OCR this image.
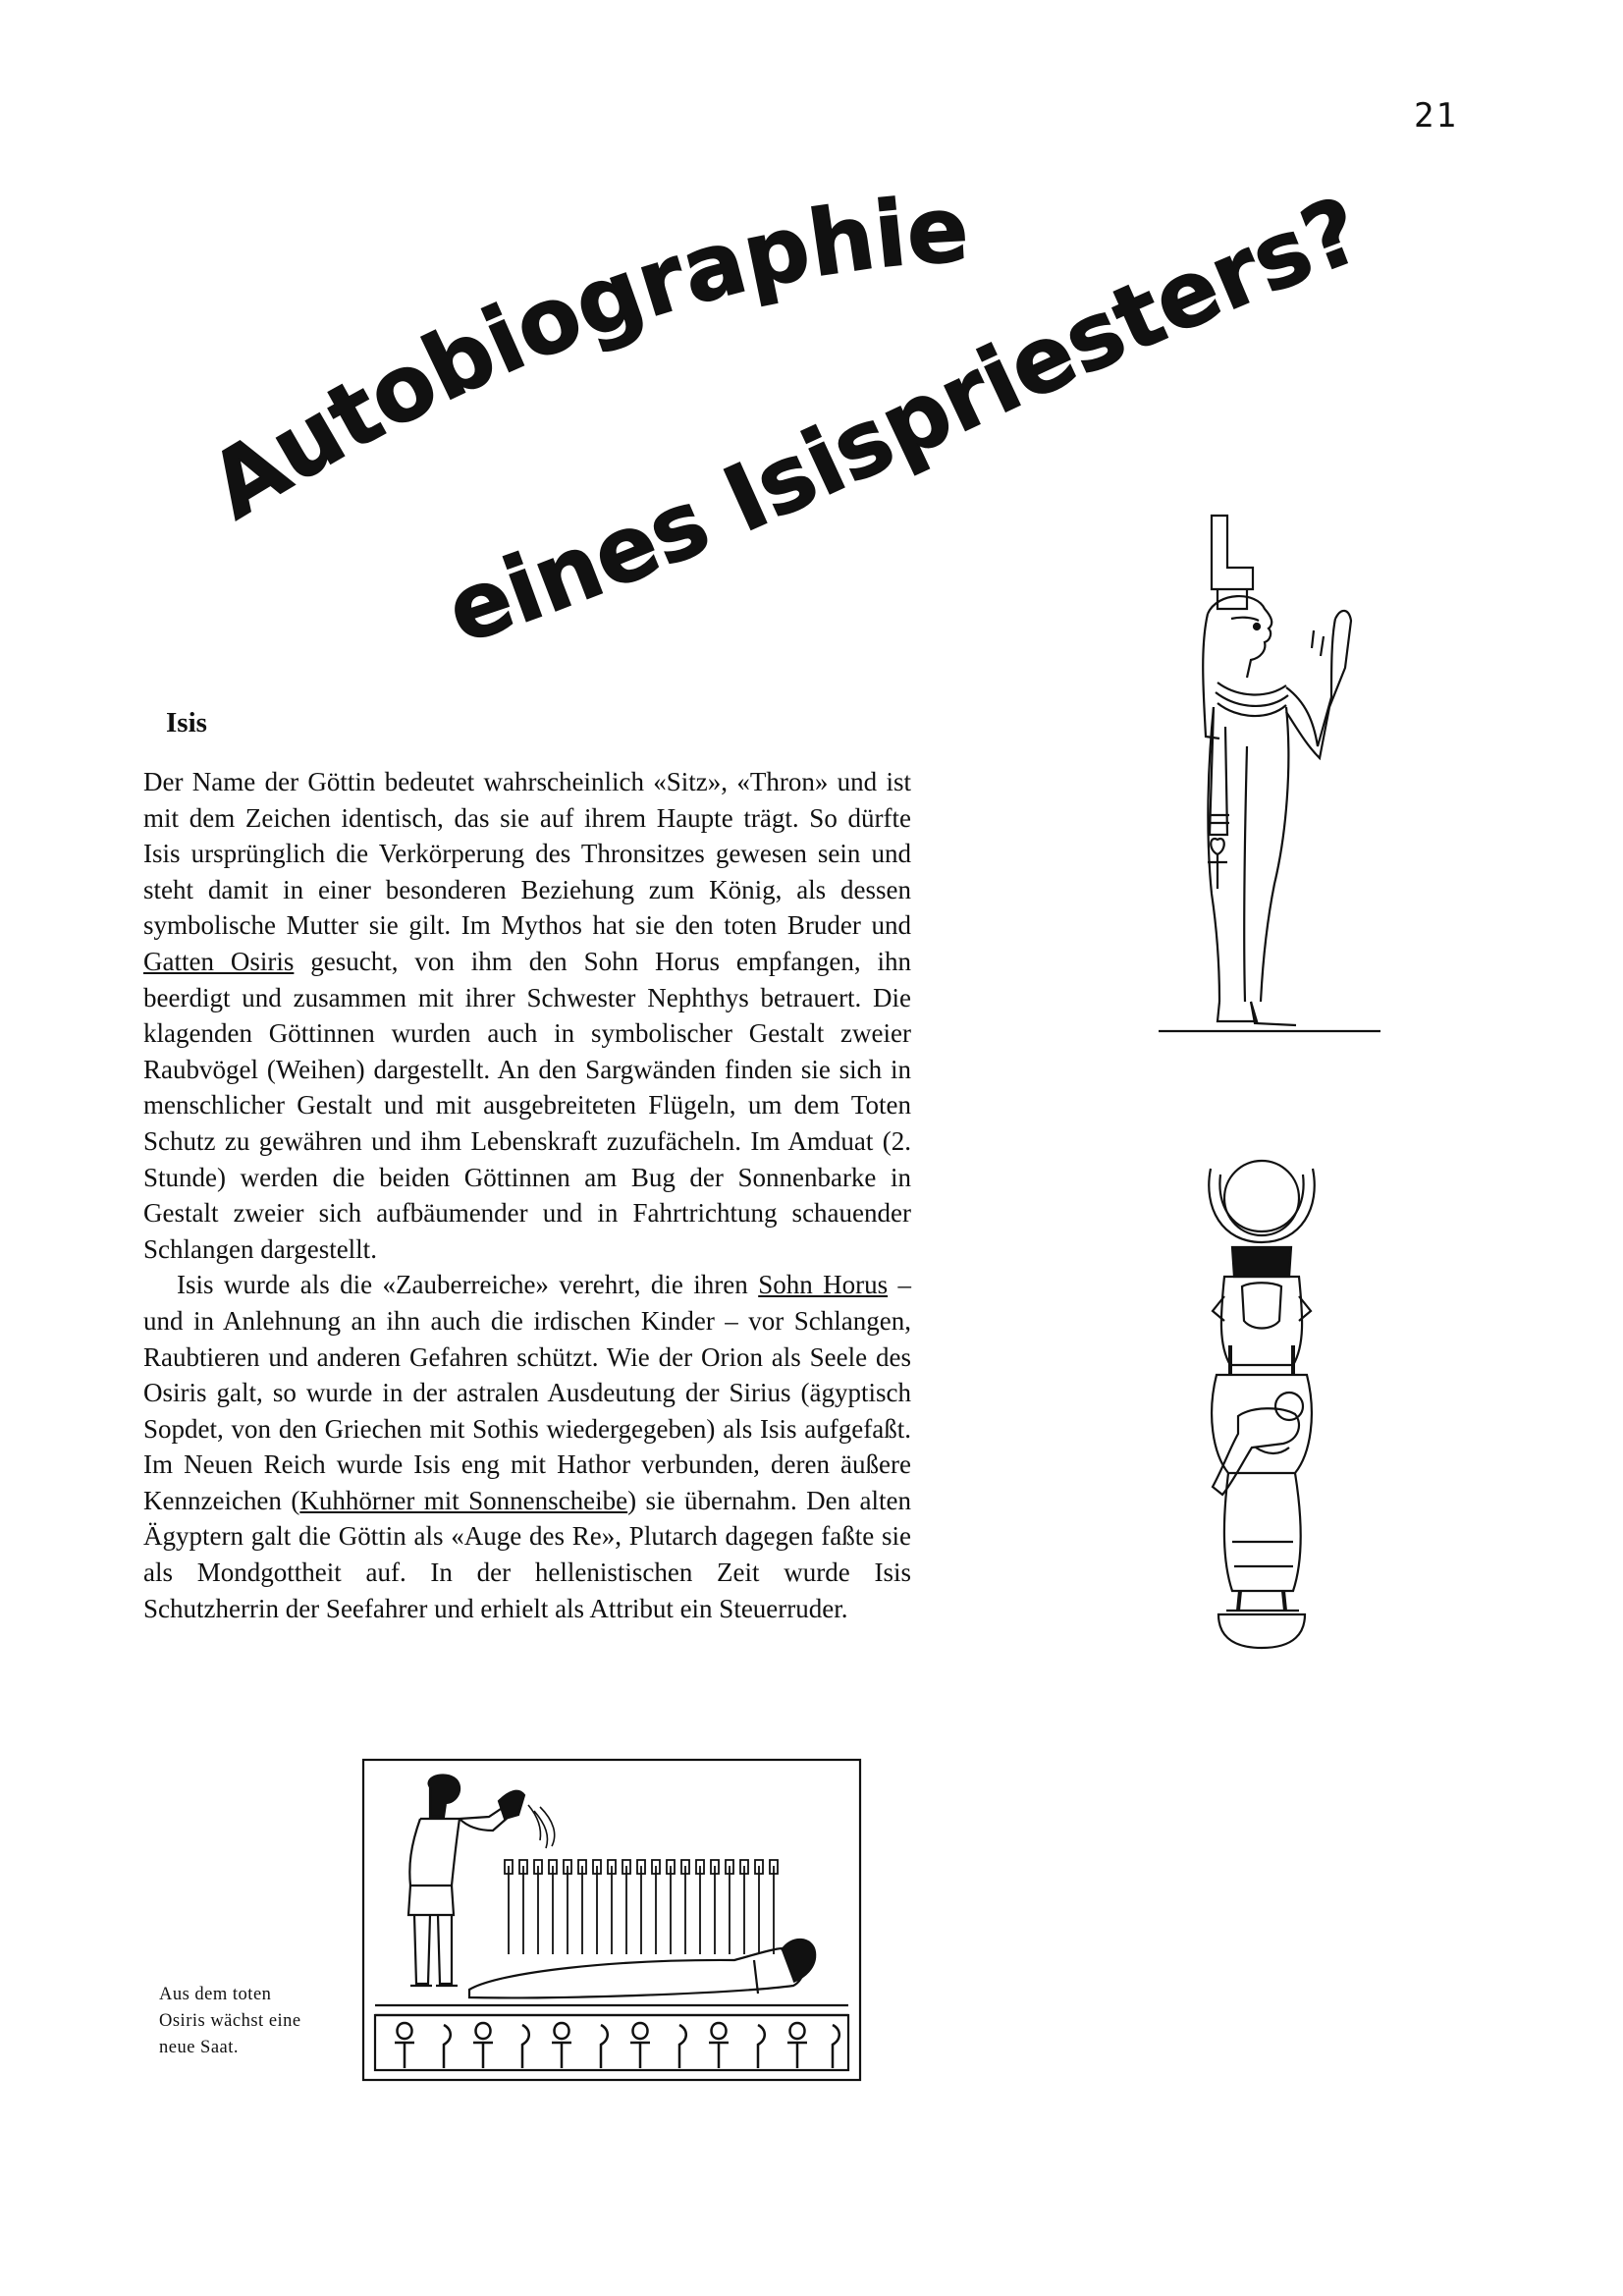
21
Autobiographie
eines Isispriesters?
Isis

Der Name der Göttin bedeutet wahrscheinlich «Sitz», «Thron» und ist mit dem Zeichen identisch, das sie auf ihrem Haupte trägt. So dürfte Isis ursprünglich die Verkörperung des Thronsitzes gewesen sein und steht damit in einer besonderen Beziehung zum König, als dessen symbolische Mutter sie gilt. Im Mythos hat sie den toten Bruder und Gatten Osiris gesucht, von ihm den Sohn Horus empfangen, ihn beerdigt und zusammen mit ihrer Schwester Nephthys betrauert. Die klagenden Göttinnen wurden auch in symbolischer Gestalt zweier Raubvögel (Weihen) dargestellt. An den Sargwänden finden sie sich in menschlicher Gestalt und mit ausgebreiteten Flügeln, um dem Toten Schutz zu gewähren und ihm Lebenskraft zuzufächeln. Im Amduat (2. Stunde) werden die beiden Göttinnen am Bug der Sonnenbarke in Gestalt zweier sich aufbäumender und in Fahrtrichtung schauender Schlangen dargestellt.

Isis wurde als die «Zauberreiche» verehrt, die ihren Sohn Horus – und in Anlehnung an ihn auch die irdischen Kinder – vor Schlangen, Raubtieren und anderen Gefahren schützt. Wie der Orion als Seele des Osiris galt, so wurde in der astralen Ausdeutung der Sirius (ägyptisch Sopdet, von den Griechen mit Sothis wiedergegeben) als Isis aufgefaßt. Im Neuen Reich wurde Isis eng mit Hathor verbunden, deren äußere Kennzeichen (Kuhhörner mit Sonnenscheibe) sie übernahm. Den alten Ägyptern galt die Göttin als «Auge des Re», Plutarch dagegen faßte sie als Mondgottheit auf. In der hellenistischen Zeit wurde Isis Schutzherrin der Seefahrer und erhielt als Attribut ein Steuerruder.

Aus dem toten
Osiris wächst eine
neue Saat.
